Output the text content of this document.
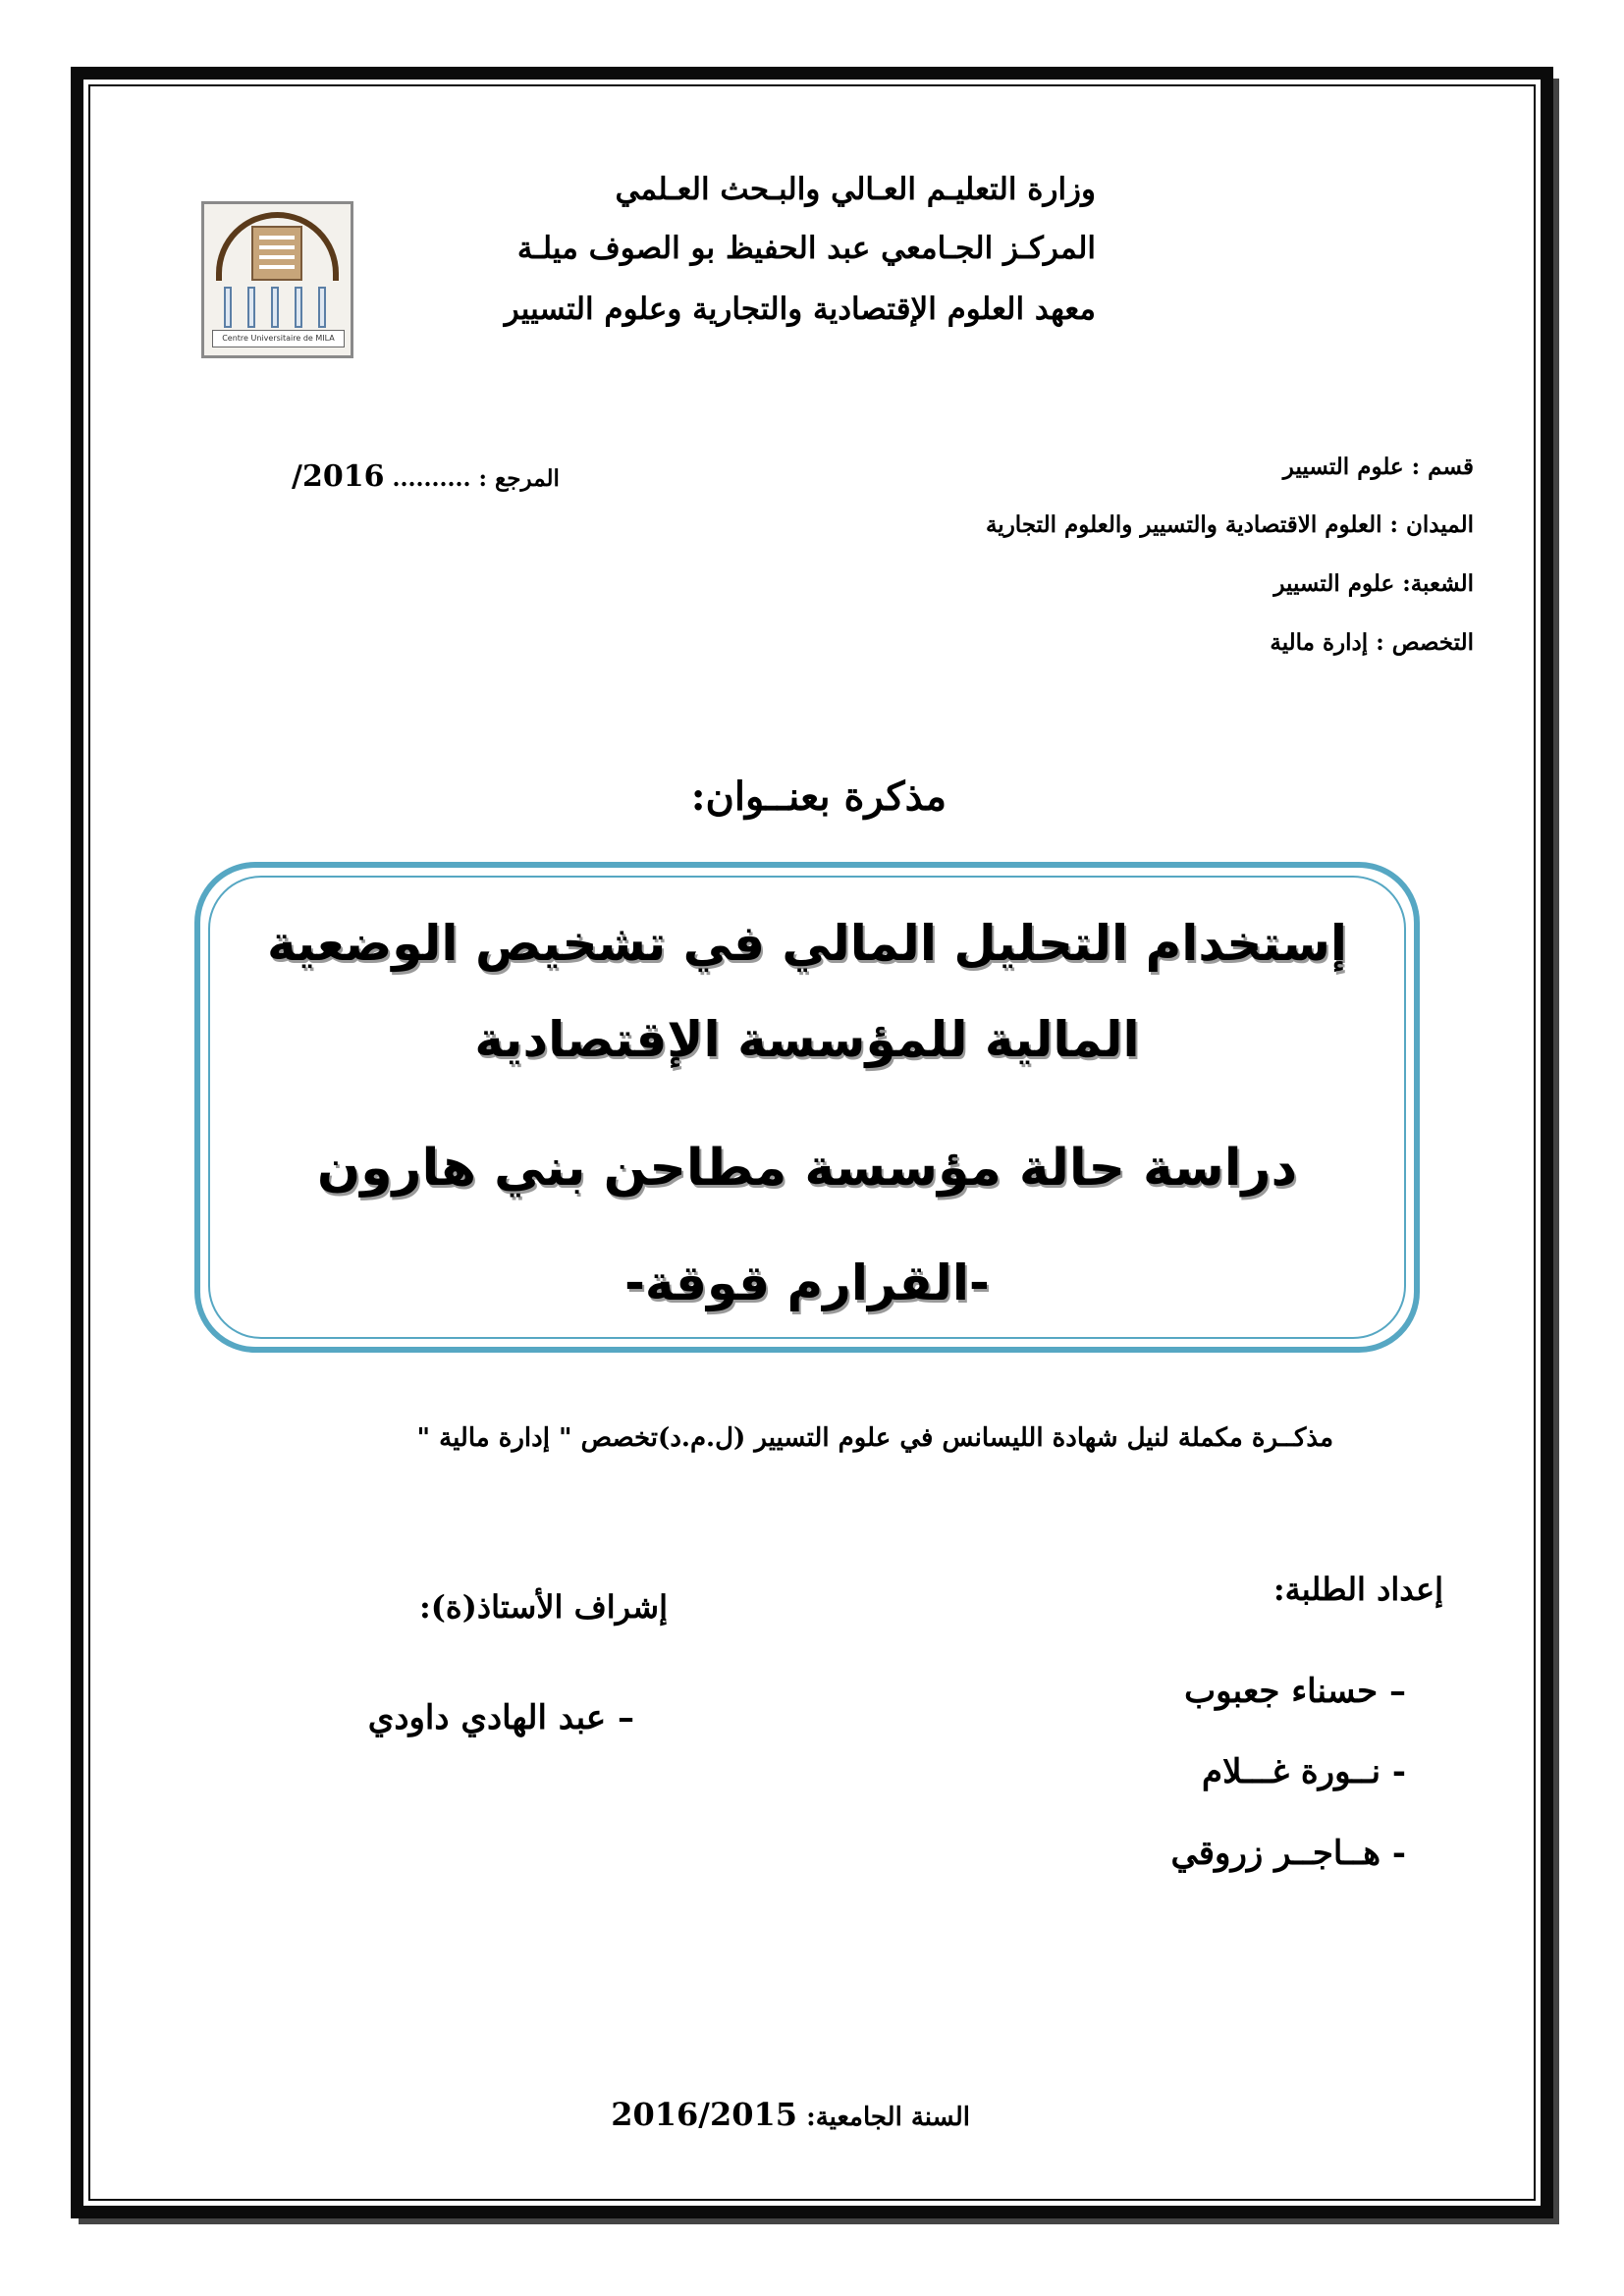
وزارة التعليـم العـالي والبـحث العـلمي
المركـز الجـامعي عبد الحفيظ بو الصوف ميلـة
معهد العلوم الإقتصادية والتجارية وعلوم التسيير
Centre Universitaire de MILA
قسم : علوم التسيير
الميدان : العلوم الاقتصادية والتسيير والعلوم التجارية
الشعبة: علوم التسيير
التخصص : إدارة مالية
/2016 المرجع : ..........
مذكرة بعنــوان:
إستخدام التحليل المالي في تشخيص الوضعية
المالية للمؤسسة الإقتصادية
دراسة حالة مؤسسة مطاحن بني هارون
-القرارم قوقة-
مذكــرة مكملة لنيل شهادة الليسانس في علوم التسيير (ل.م.د)تخصص " إدارة مالية "
إعداد الطلبة:
– حسناء جعبوب
- نــورة غـــلام
- هــاجــر زروقي
إشراف الأستاذ(ة):
– عبد الهادي داودي
2016/2015 السنة الجامعية:
